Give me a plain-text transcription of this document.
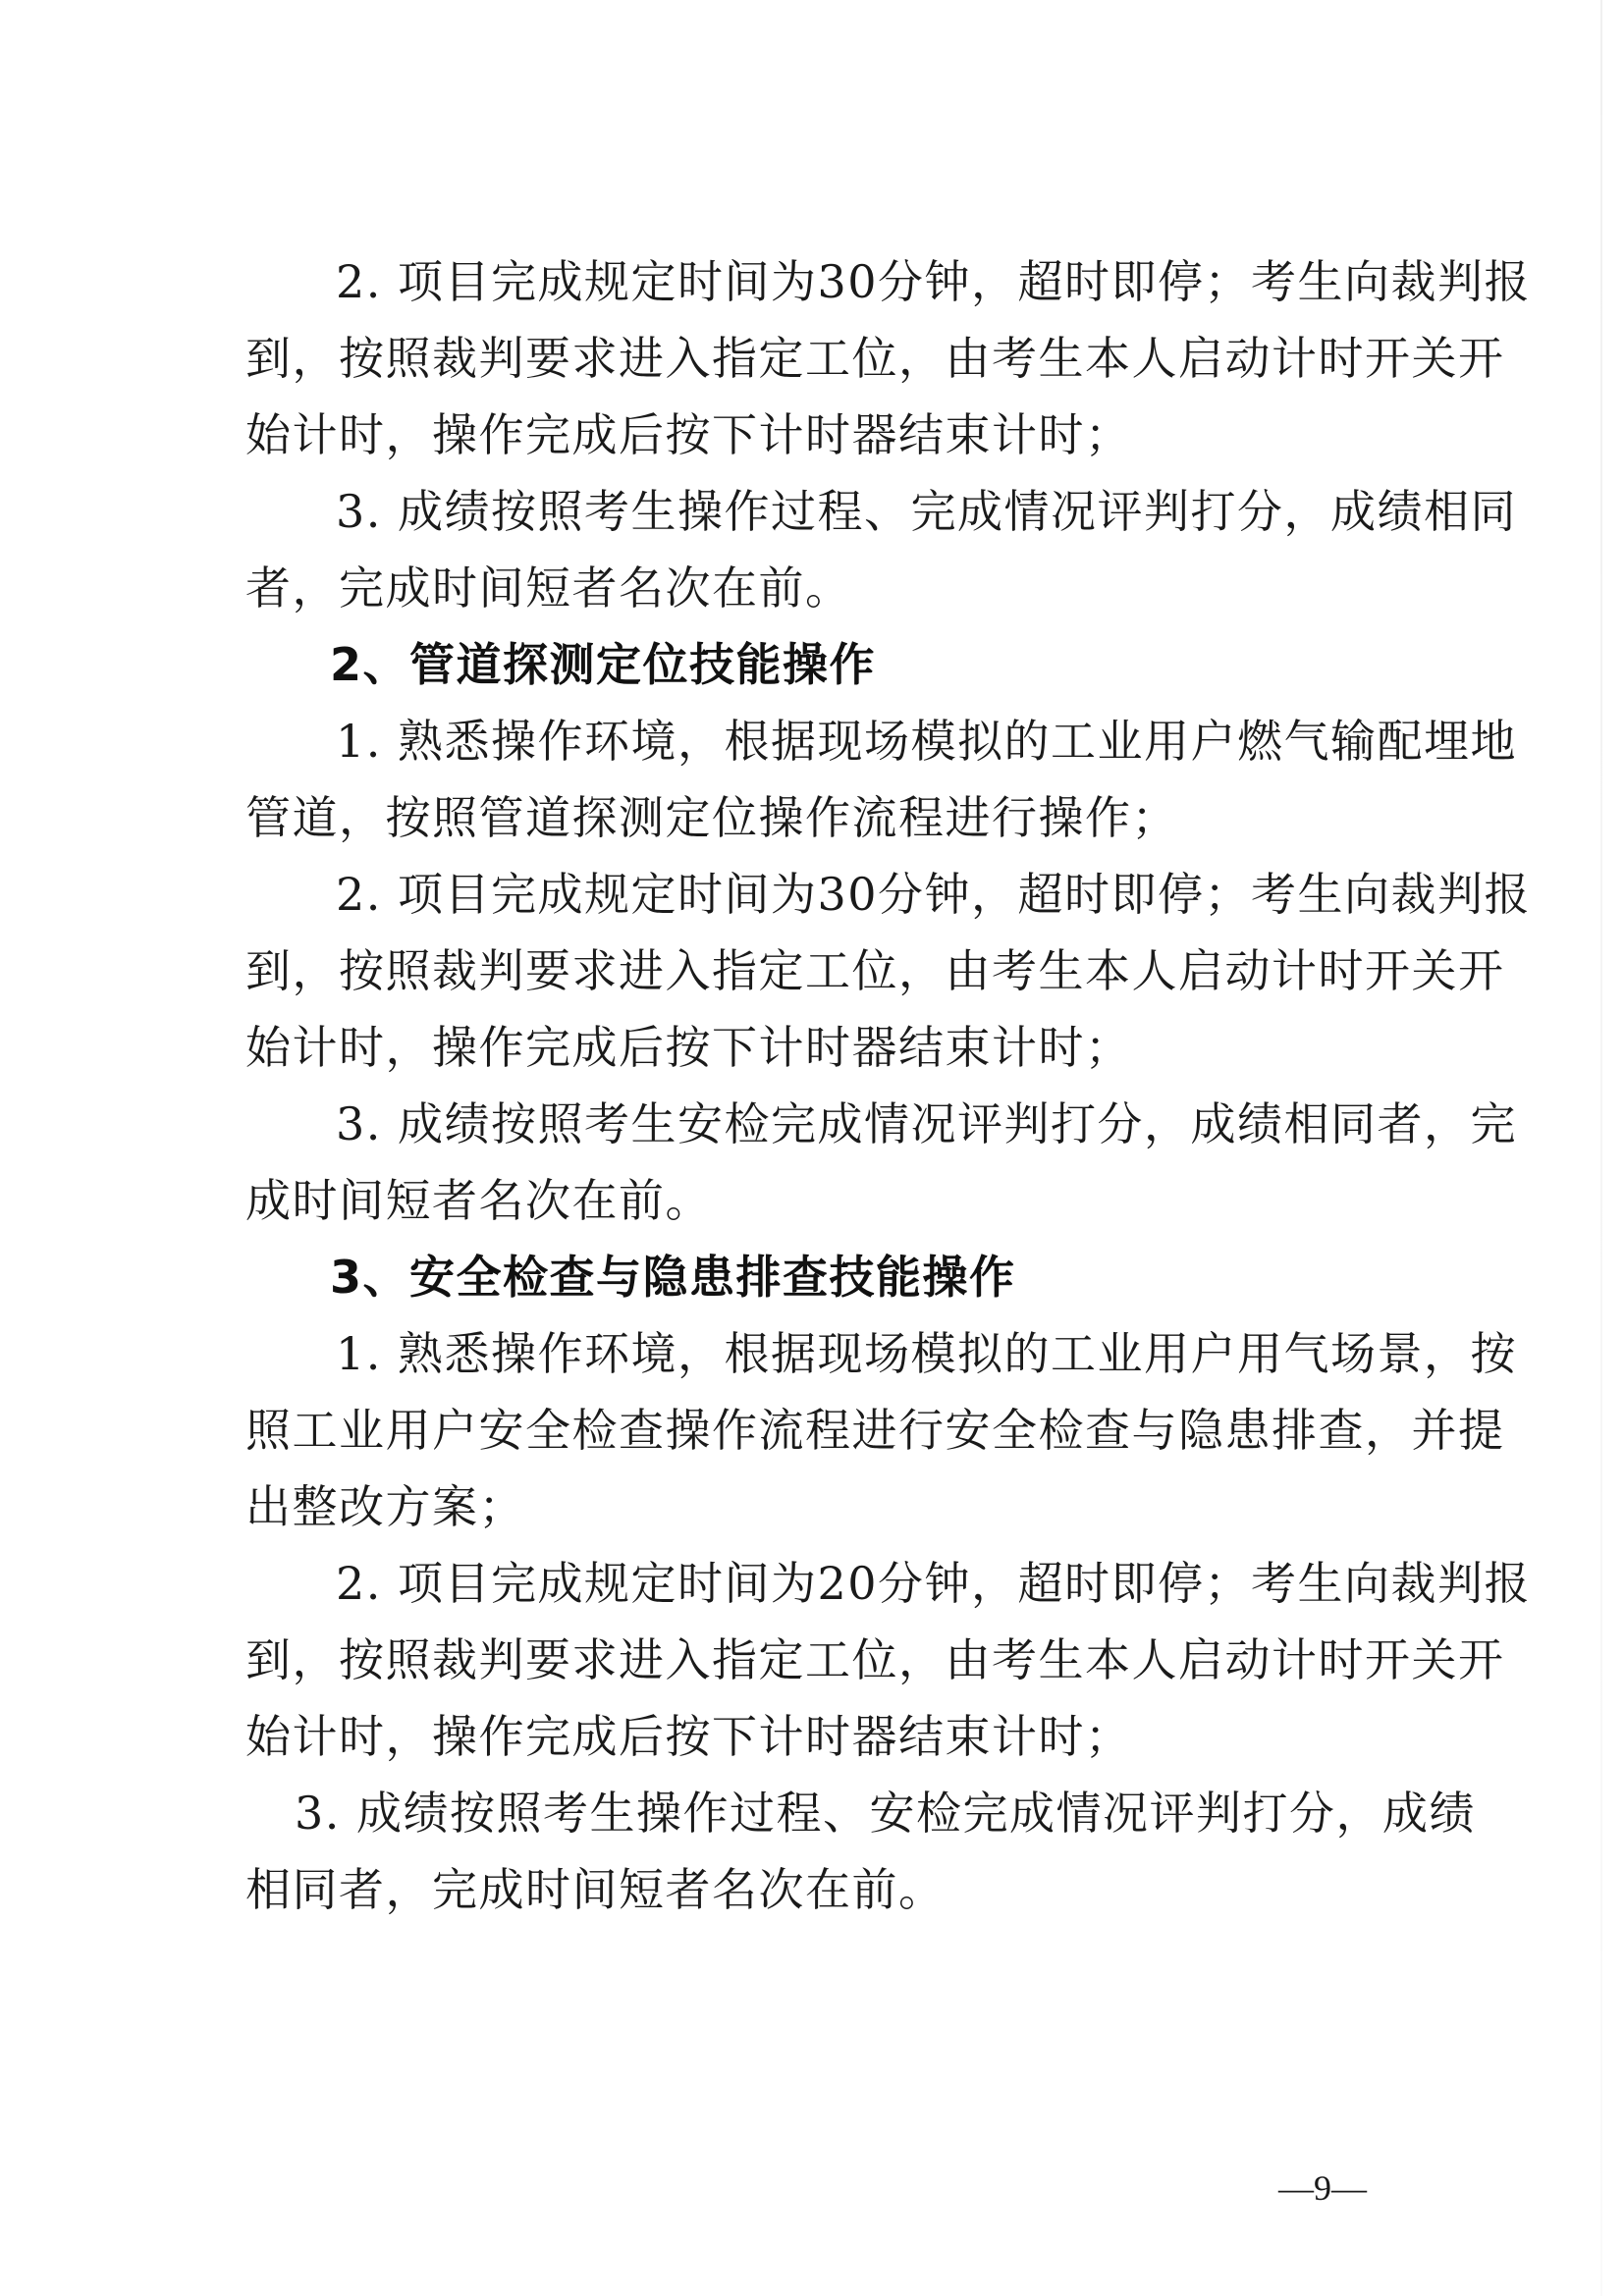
2. 项目完成规定时间为30分钟，超时即停；考生向裁判报
到，按照裁判要求进入指定工位，由考生本人启动计时开关开
始计时，操作完成后按下计时器结束计时；
3. 成绩按照考生操作过程、完成情况评判打分，成绩相同
者，完成时间短者名次在前。
2、管道探测定位技能操作
1. 熟悉操作环境，根据现场模拟的工业用户燃气输配埋地
管道，按照管道探测定位操作流程进行操作；
2. 项目完成规定时间为30分钟，超时即停；考生向裁判报
到，按照裁判要求进入指定工位，由考生本人启动计时开关开
始计时，操作完成后按下计时器结束计时；
3. 成绩按照考生安检完成情况评判打分，成绩相同者，完
成时间短者名次在前。
3、安全检查与隐患排查技能操作
1. 熟悉操作环境，根据现场模拟的工业用户用气场景，按
照工业用户安全检查操作流程进行安全检查与隐患排查，并提
出整改方案；
2. 项目完成规定时间为20分钟，超时即停；考生向裁判报
到，按照裁判要求进入指定工位，由考生本人启动计时开关开
始计时，操作完成后按下计时器结束计时；
3. 成绩按照考生操作过程、安检完成情况评判打分，成绩
相同者，完成时间短者名次在前。
—9—
